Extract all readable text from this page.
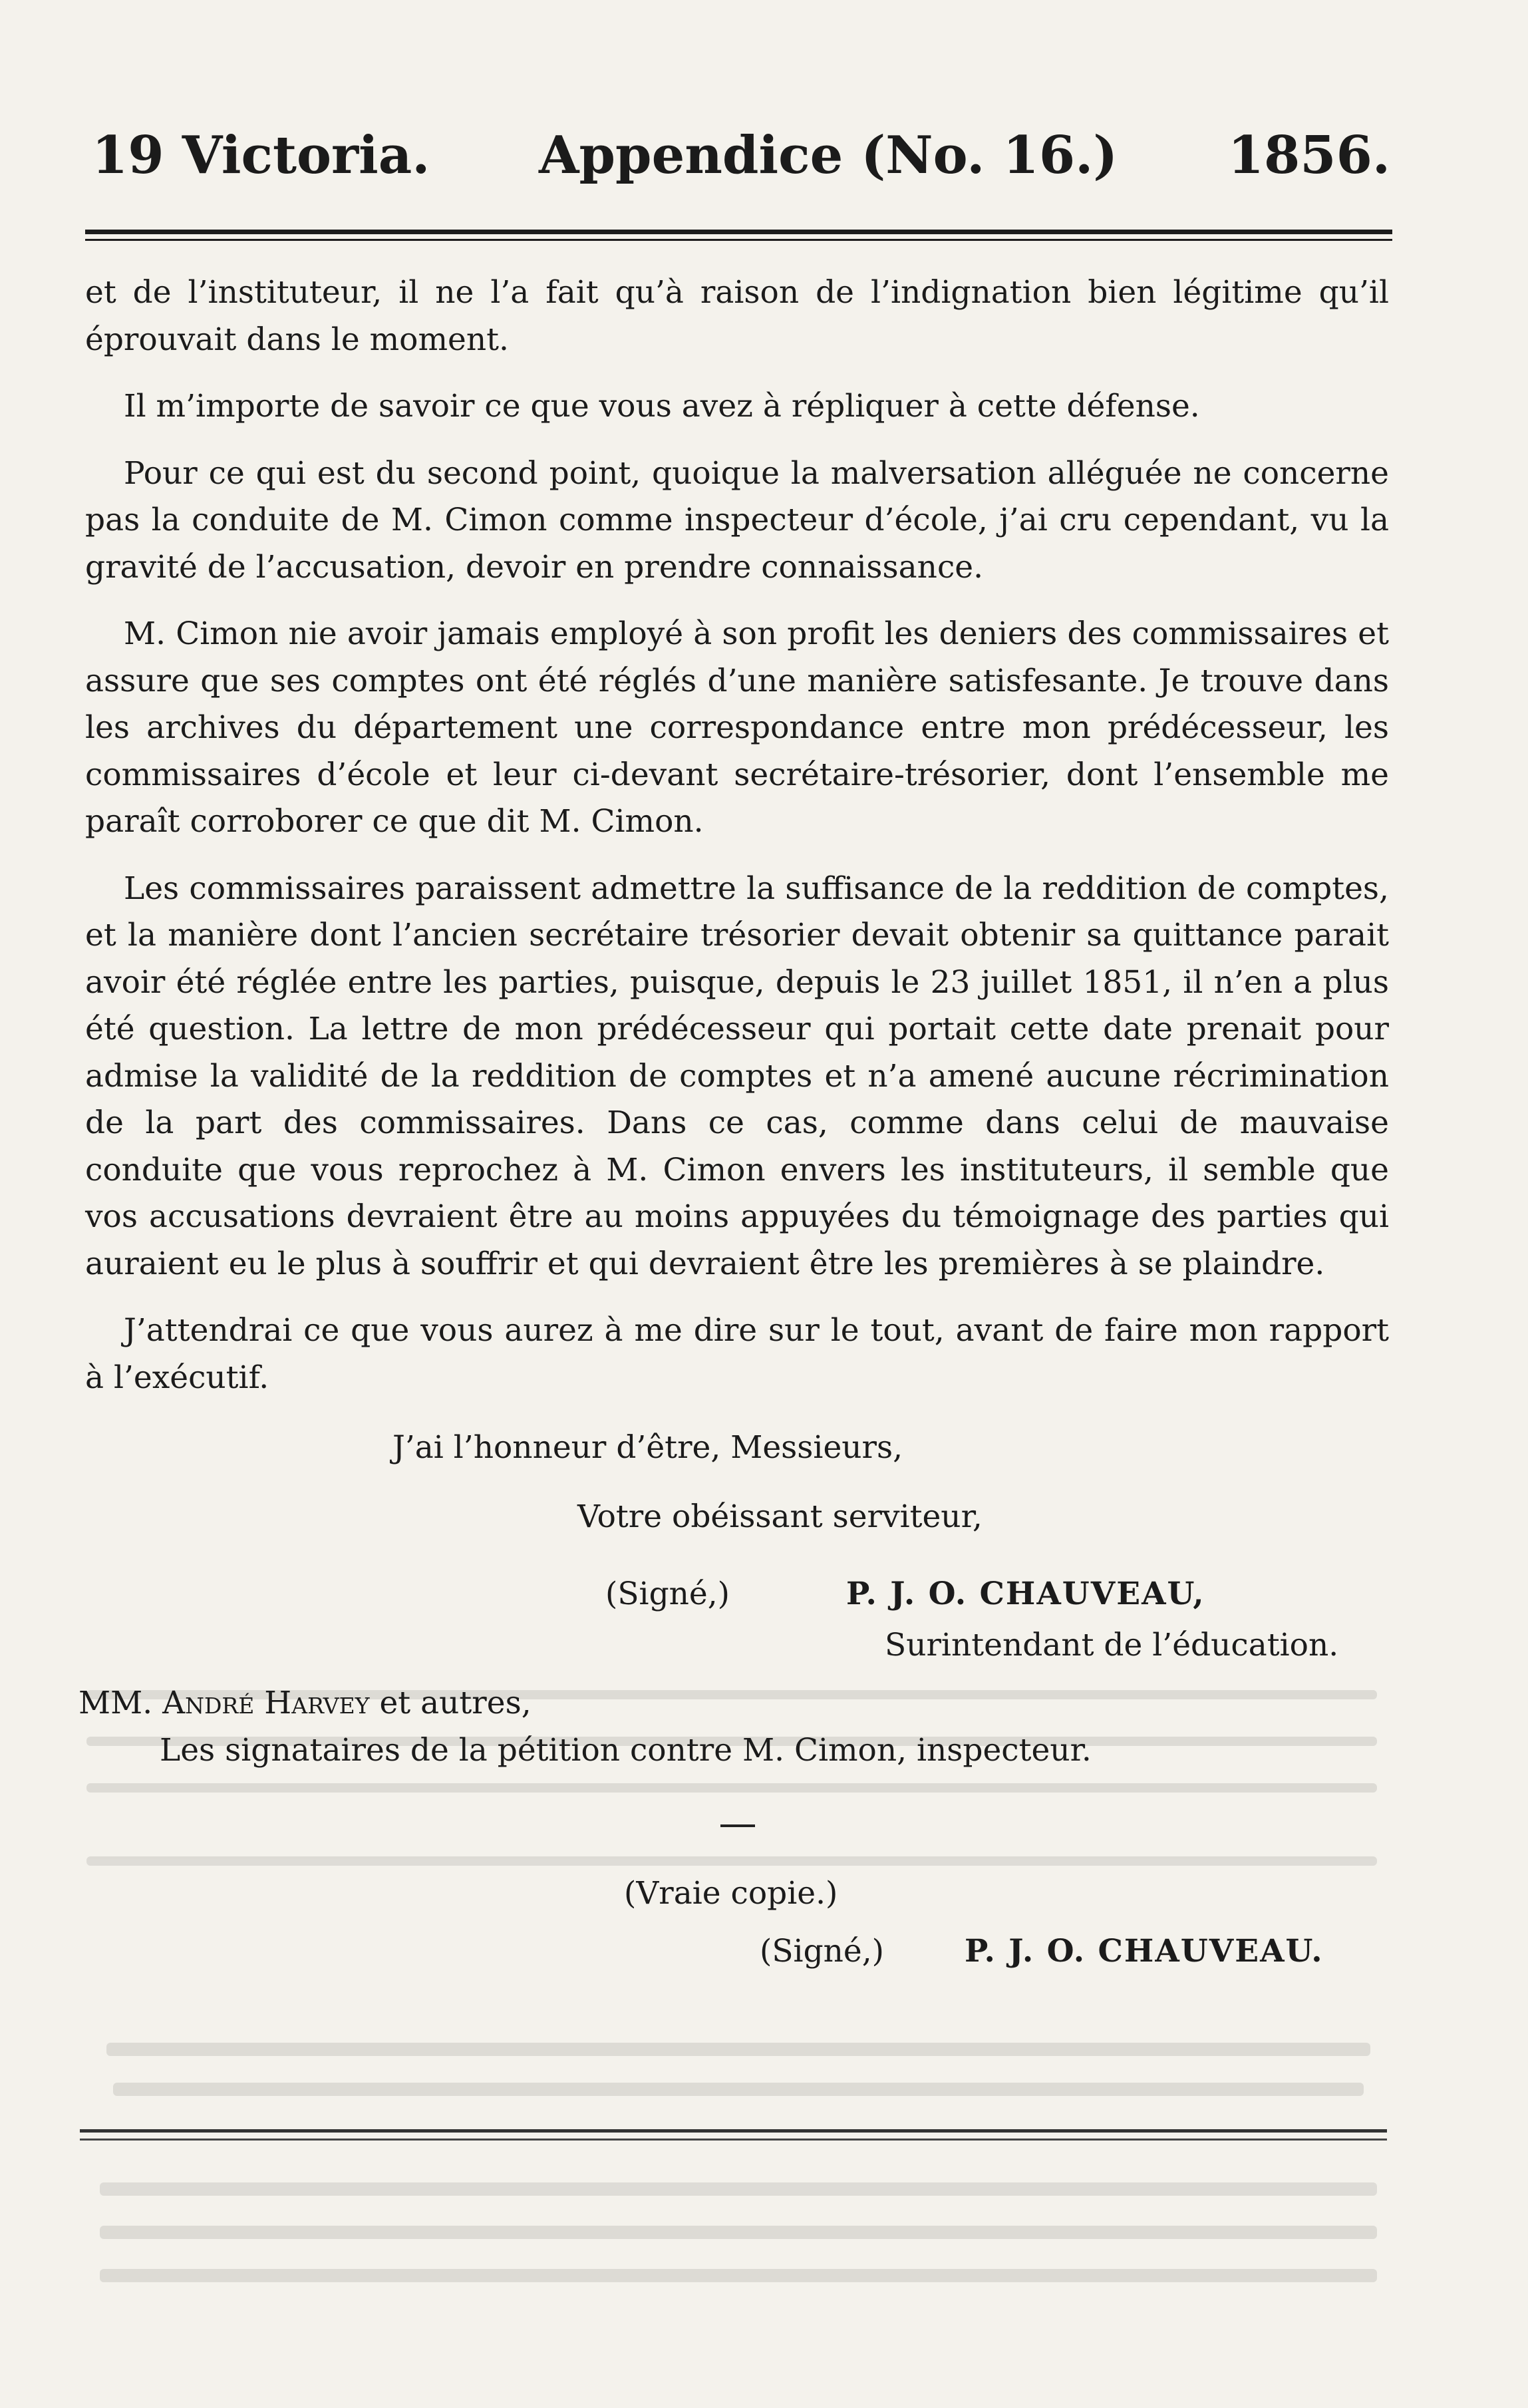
19 Victoria. Appendice (No. 16.) 1856.

et de l’instituteur, il ne l’a fait qu’à raison de l’indignation bien légitime qu’il éprouvait dans le moment.

Il m’importe de savoir ce que vous avez à répliquer à cette défense.

Pour ce qui est du second point, quoique la malversation alléguée ne concerne pas la conduite de M. Cimon comme inspecteur d’école, j’ai cru cependant, vu la gravité de l’accusation, devoir en prendre connaissance.

M. Cimon nie avoir jamais employé à son profit les deniers des commissaires et assure que ses comptes ont été réglés d’une manière satisfesante. Je trouve dans les archives du département une correspondance entre mon prédécesseur, les commissaires d’école et leur ci-devant secrétaire-trésorier, dont l’ensemble me paraît corroborer ce que dit M. Cimon.

Les commissaires paraissent admettre la suffisance de la reddition de comptes, et la manière dont l’ancien secrétaire trésorier devait obtenir sa quittance parait avoir été réglée entre les parties, puisque, depuis le 23 juillet 1851, il n’en a plus été question. La lettre de mon prédécesseur qui portait cette date prenait pour admise la validité de la reddition de comptes et n’a amené aucune récrimination de la part des commissaires. Dans ce cas, comme dans celui de mauvaise conduite que vous reprochez à M. Cimon envers les instituteurs, il semble que vos accusations devraient être au moins appuyées du témoignage des parties qui auraient eu le plus à souffrir et qui devraient être les premières à se plaindre.

J’attendrai ce que vous aurez à me dire sur le tout, avant de faire mon rapport à l’exécutif.

J’ai l’honneur d’être, Messieurs,
Votre obéissant serviteur,
(Signé,)	P. J. O. CHAUVEAU,
Surintendant de l’éducation.
MM. André Harvey et autres,
Les signataires de la pétition contre M. Cimon, inspecteur.
(Vraie copie.)
(Signé,)	P. J. O. CHAUVEAU.
